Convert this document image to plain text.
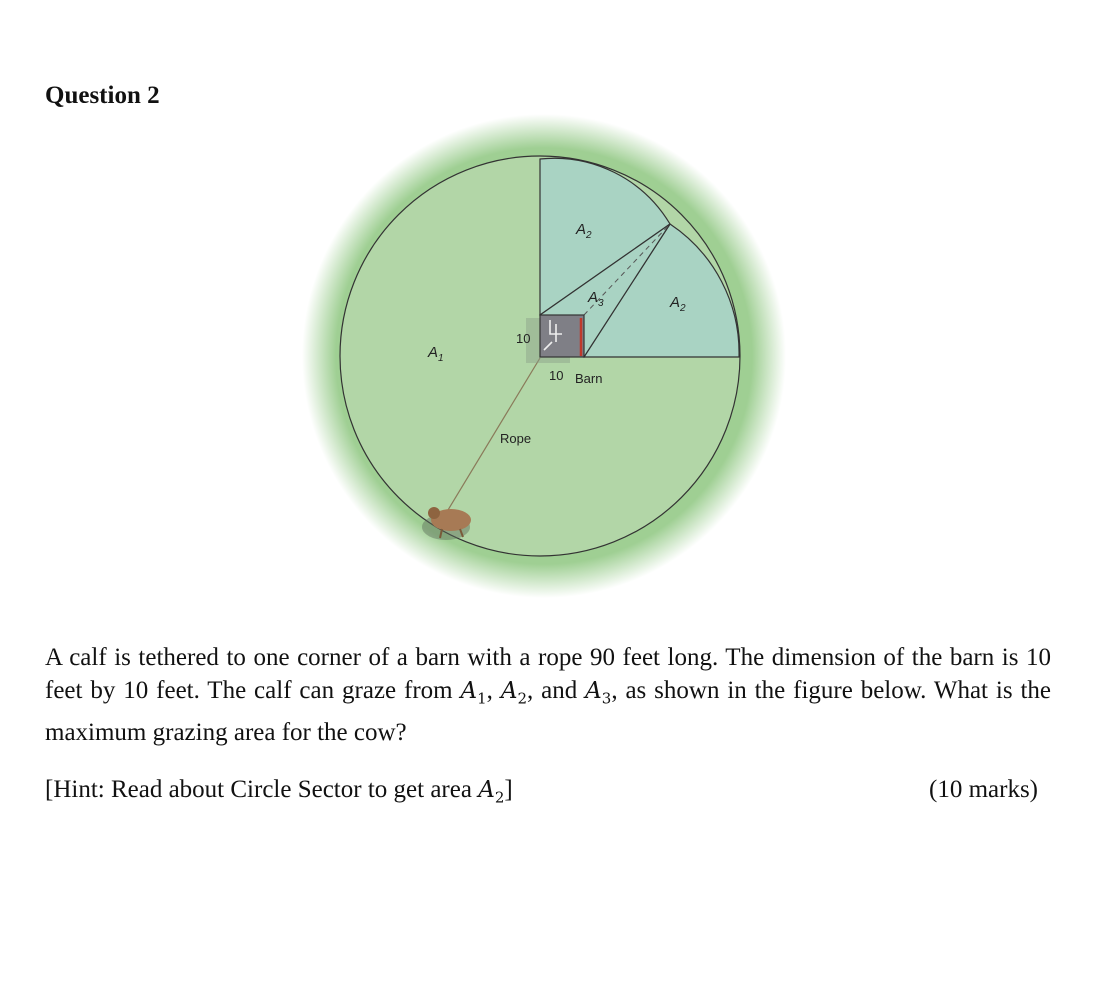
Question 2
$A_1$
$A_2$
$A_2$
$A_3$
10
10 Barn
Rope

A calf is tethered to one corner of a barn with a rope 90 feet long. The dimension of the barn is 10 feet by 10 feet. The calf can graze from $A_1$, $A_2$, and $A_3$, as shown in the figure below. What is the maximum grazing area for the cow?

[Hint: Read about Circle Sector to get area $A_2$]	(10 marks)
